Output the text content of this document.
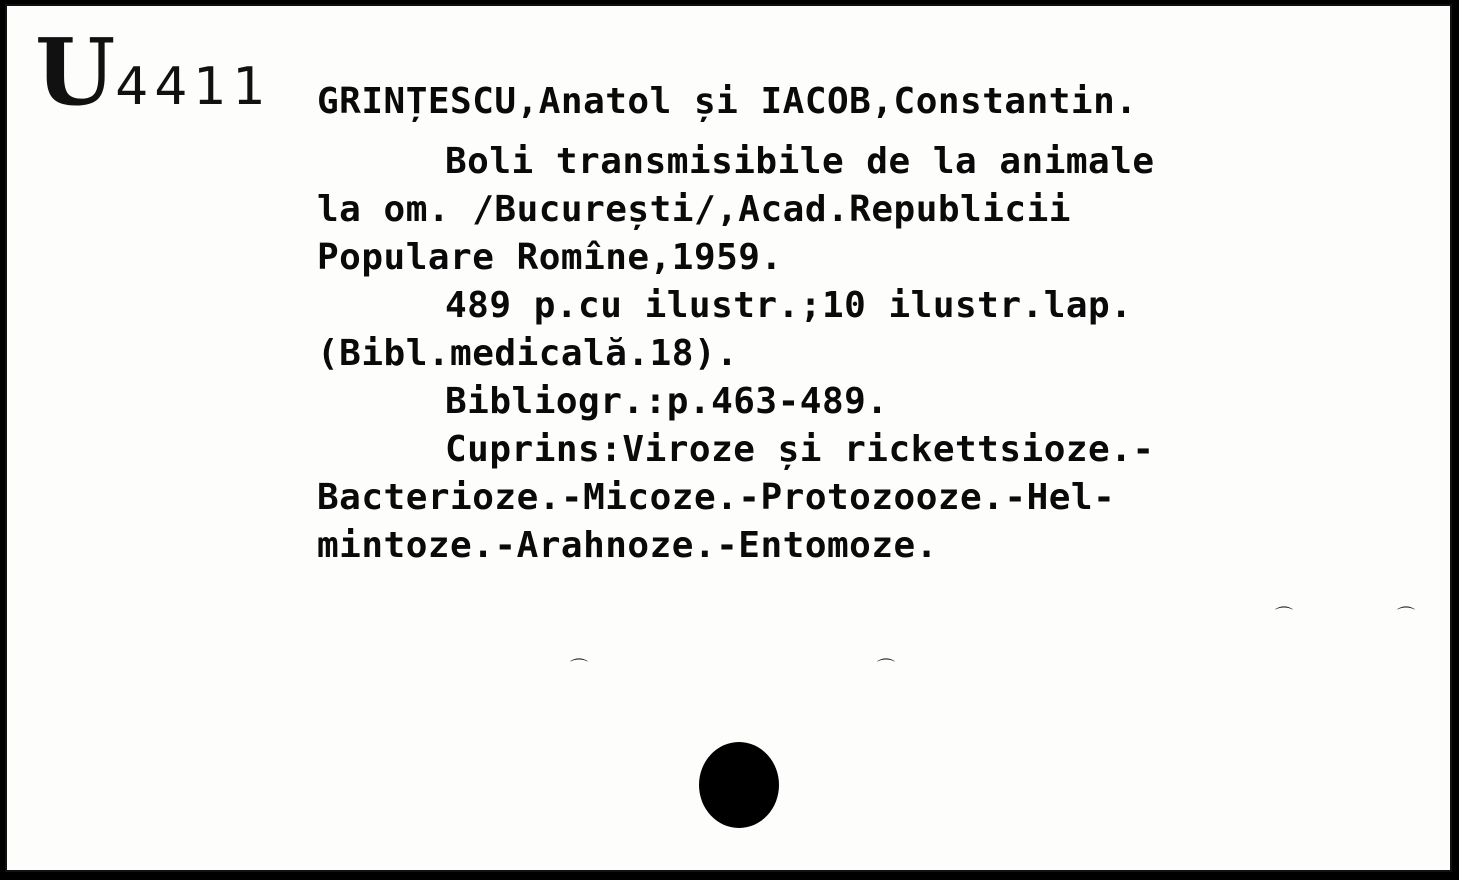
U4411 GRINȚESCU,Anatol și IACOB,Constantin.
Boli transmisibile de la animale
la om. /București/,Acad.Republicii
Populare Romîne,1959.
489 p.cu ilustr.;10 ilustr.lap.
(Bibl.medicală.18).
Bibliogr.:p.463-489.
Cuprins:Viroze și rickettsioze.-
Bacterioze.-Micoze.-Protozooze.-Hel-
mintoze.-Arahnoze.-Entomoze.
⌒	⌒
⌒	⌒
